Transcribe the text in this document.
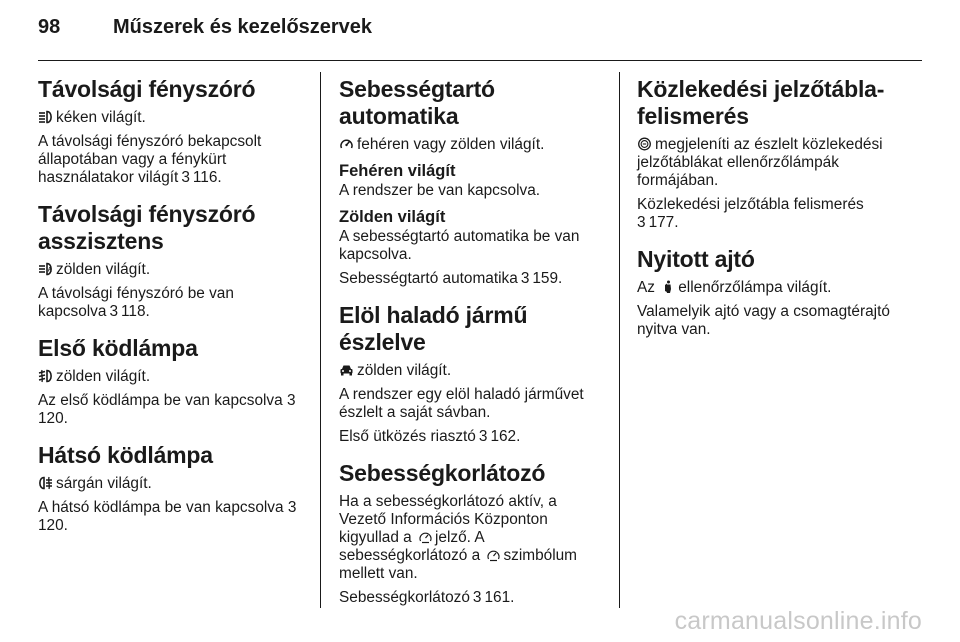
98	Műszerek és kezelőszervek
Távolsági fényszóró

kéken világít.

A távolsági fényszóró bekapcsolt állapotában vagy a fénykürt használatakor világít 3 116.

Távolsági fényszóró asszisztens

A zölden világít.

A távolsági fényszóró be van kapcsolva 3 118.

Első ködlámpa

zölden világít.

Az első ködlámpa be van kapcsolva 3120.

Hátsó ködlámpa

sárgán világít.

A hátsó ködlámpa be van kapcsolva 3120.

Sebességtartó automatika

fehéren vagy zölden világít.

Fehéren világít

A rendszer be van kapcsolva.

Zölden világít

A sebességtartó automatika be van kapcsolva.

Sebességtartó automatika 3 159.

Elöl haladó jármű észlelve

zölden világít.

A rendszer egy elöl haladó járművet észlelt a saját sávban.

Első ütközés riasztó 3 162.

Sebességkorlátozó

Ha a sebességkorlátozó aktív, a Vezető Információs Központon kigyullad a jelző. A sebességkorlátozó a szimbólum mellett van.

Sebességkorlátozó 3 161.

Közlekedési jelzőtábla-felismerés

megjeleníti az észlelt közlekedési jelzőtáblákat ellenőrzőlámpák formájában.

Közlekedési jelzőtábla felismerés
3 177.

Nyitott ajtó

Az ellenőrzőlámpa világít.

Valamelyik ajtó vagy a csomagtérajtó nyitva van.

carmanualsonline.info
